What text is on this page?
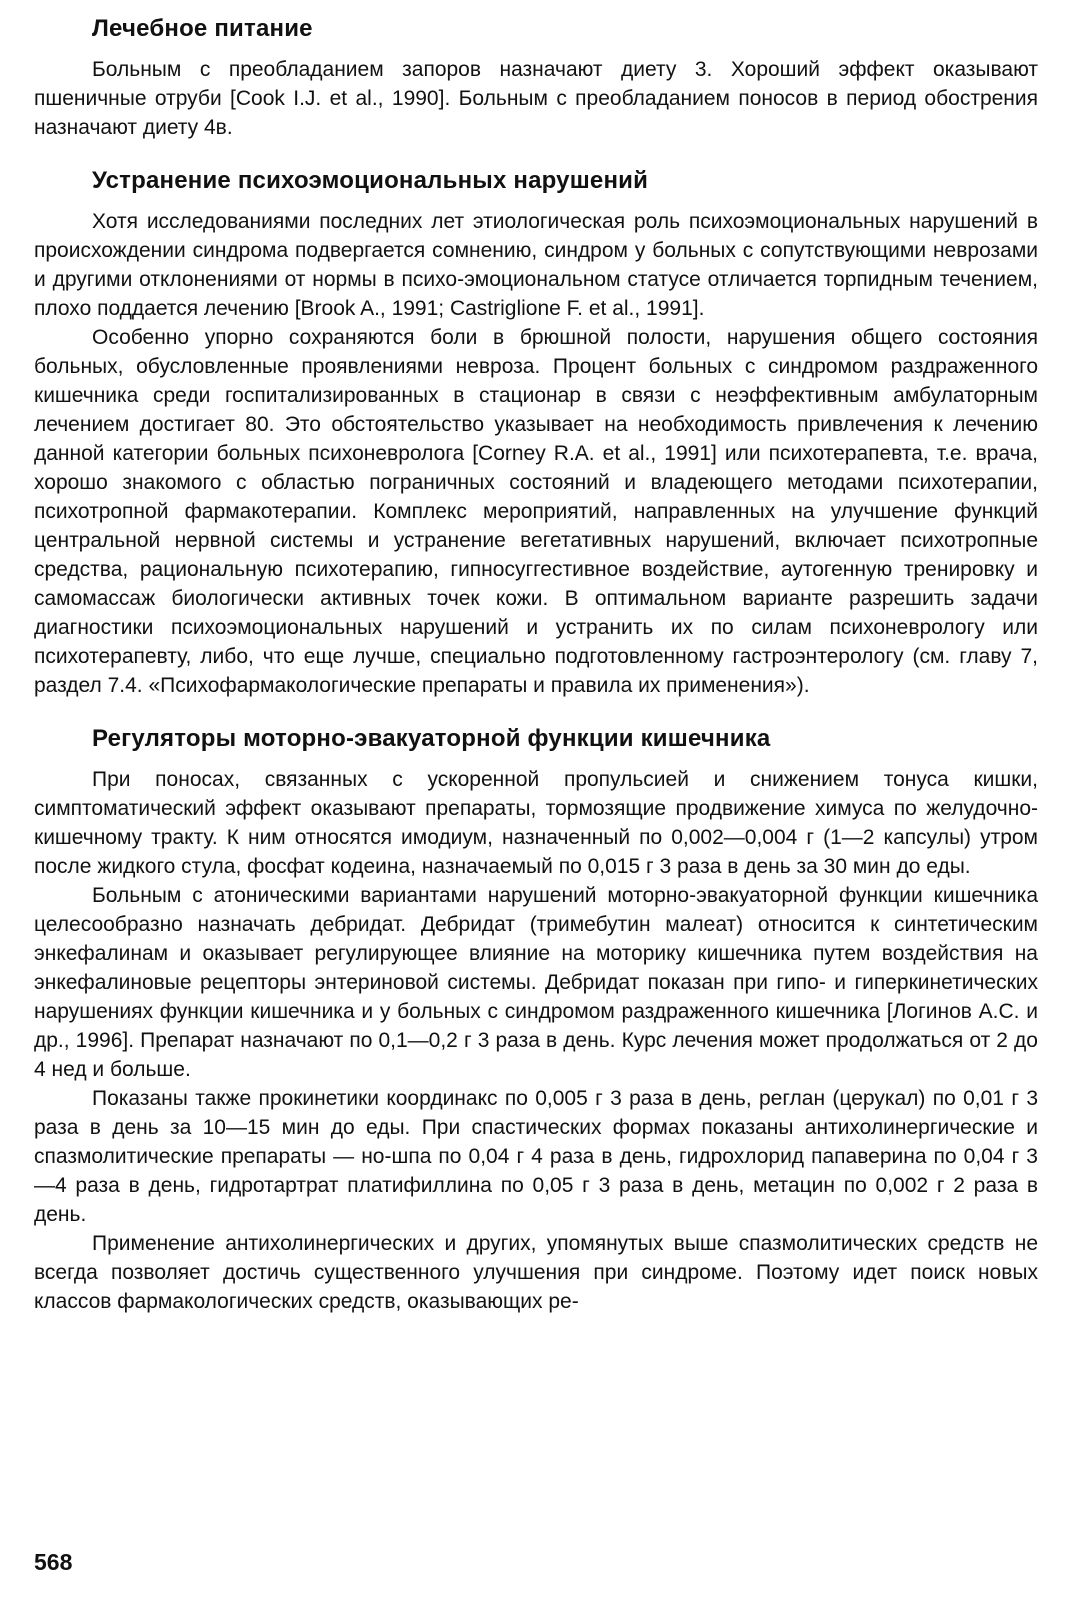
Лечебное питание

Больным с преобладанием запоров назначают диету 3. Хороший эффект оказывают пшеничные отруби [Cook I.J. et al., 1990]. Больным с преобладанием поносов в период обострения назначают диету 4в.

Устранение психоэмоциональных нарушений

Хотя исследованиями последних лет этиологическая роль психоэмоциональных нарушений в происхождении синдрома подвергается сомнению, синдром у больных с сопутствующими неврозами и другими отклонениями от нормы в психо-эмоциональном статусе отличается торпидным течением, плохо поддается лечению [Brook A., 1991; Castriglione F. et al., 1991].

Особенно упорно сохраняются боли в брюшной полости, нарушения общего состояния больных, обусловленные проявлениями невроза. Процент больных с синдромом раздраженного кишечника среди госпитализированных в стационар в связи с неэффективным амбулаторным лечением достигает 80. Это обстоятельство указывает на необходимость привлечения к лечению данной категории больных психоневролога [Corney R.A. et al., 1991] или психотерапевта, т.е. врача, хорошо знакомого с областью пограничных состояний и владеющего методами психотерапии, психотропной фармакотерапии. Комплекс мероприятий, направленных на улучшение функций центральной нервной системы и устранение вегетативных нарушений, включает психотропные средства, рациональную психотерапию, гипносуггестивное воздействие, аутогенную тренировку и самомассаж биологически активных точек кожи. В оптимальном варианте разрешить задачи диагностики психоэмоциональных нарушений и устранить их по силам психоневрологу или психотерапевту, либо, что еще лучше, специально подготовленному гастроэнтерологу (см. главу 7, раздел 7.4. «Психофармакологические препараты и правила их применения»).

Регуляторы моторно-эвакуаторной функции кишечника

При поносах, связанных с ускоренной пропульсией и снижением тонуса кишки, симптоматический эффект оказывают препараты, тормозящие продвижение химуса по желудочно-кишечному тракту. К ним относятся имодиум, назначенный по 0,002—0,004 г (1—2 капсулы) утром после жидкого стула, фосфат кодеина, назначаемый по 0,015 г 3 раза в день за 30 мин до еды.

Больным с атоническими вариантами нарушений моторно-эвакуаторной функции кишечника целесообразно назначать дебридат. Дебридат (тримебутин малеат) относится к синтетическим энкефалинам и оказывает регулирующее влияние на моторику кишечника путем воздействия на энкефалиновые рецепторы энтериновой системы. Дебридат показан при гипо- и гиперкинетических нарушениях функции кишечника и у больных с синдромом раздраженного кишечника [Логинов А.С. и др., 1996]. Препарат назначают по 0,1—0,2 г 3 раза в день. Курс лечения может продолжаться от 2 до 4 нед и больше.

Показаны также прокинетики координакс по 0,005 г 3 раза в день, реглан (церукал) по 0,01 г 3 раза в день за 10—15 мин до еды. При спастических формах показаны антихолинергические и спазмолитические препараты — но-шпа по 0,04 г 4 раза в день, гидрохлорид папаверина по 0,04 г 3—4 раза в день, гидротартрат платифиллина по 0,05 г 3 раза в день, метацин по 0,002 г 2 раза в день.

Применение антихолинергических и других, упомянутых выше спазмолитических средств не всегда позволяет достичь существенного улучшения при синдроме. Поэтому идет поиск новых классов фармакологических средств, оказывающих ре-

568
